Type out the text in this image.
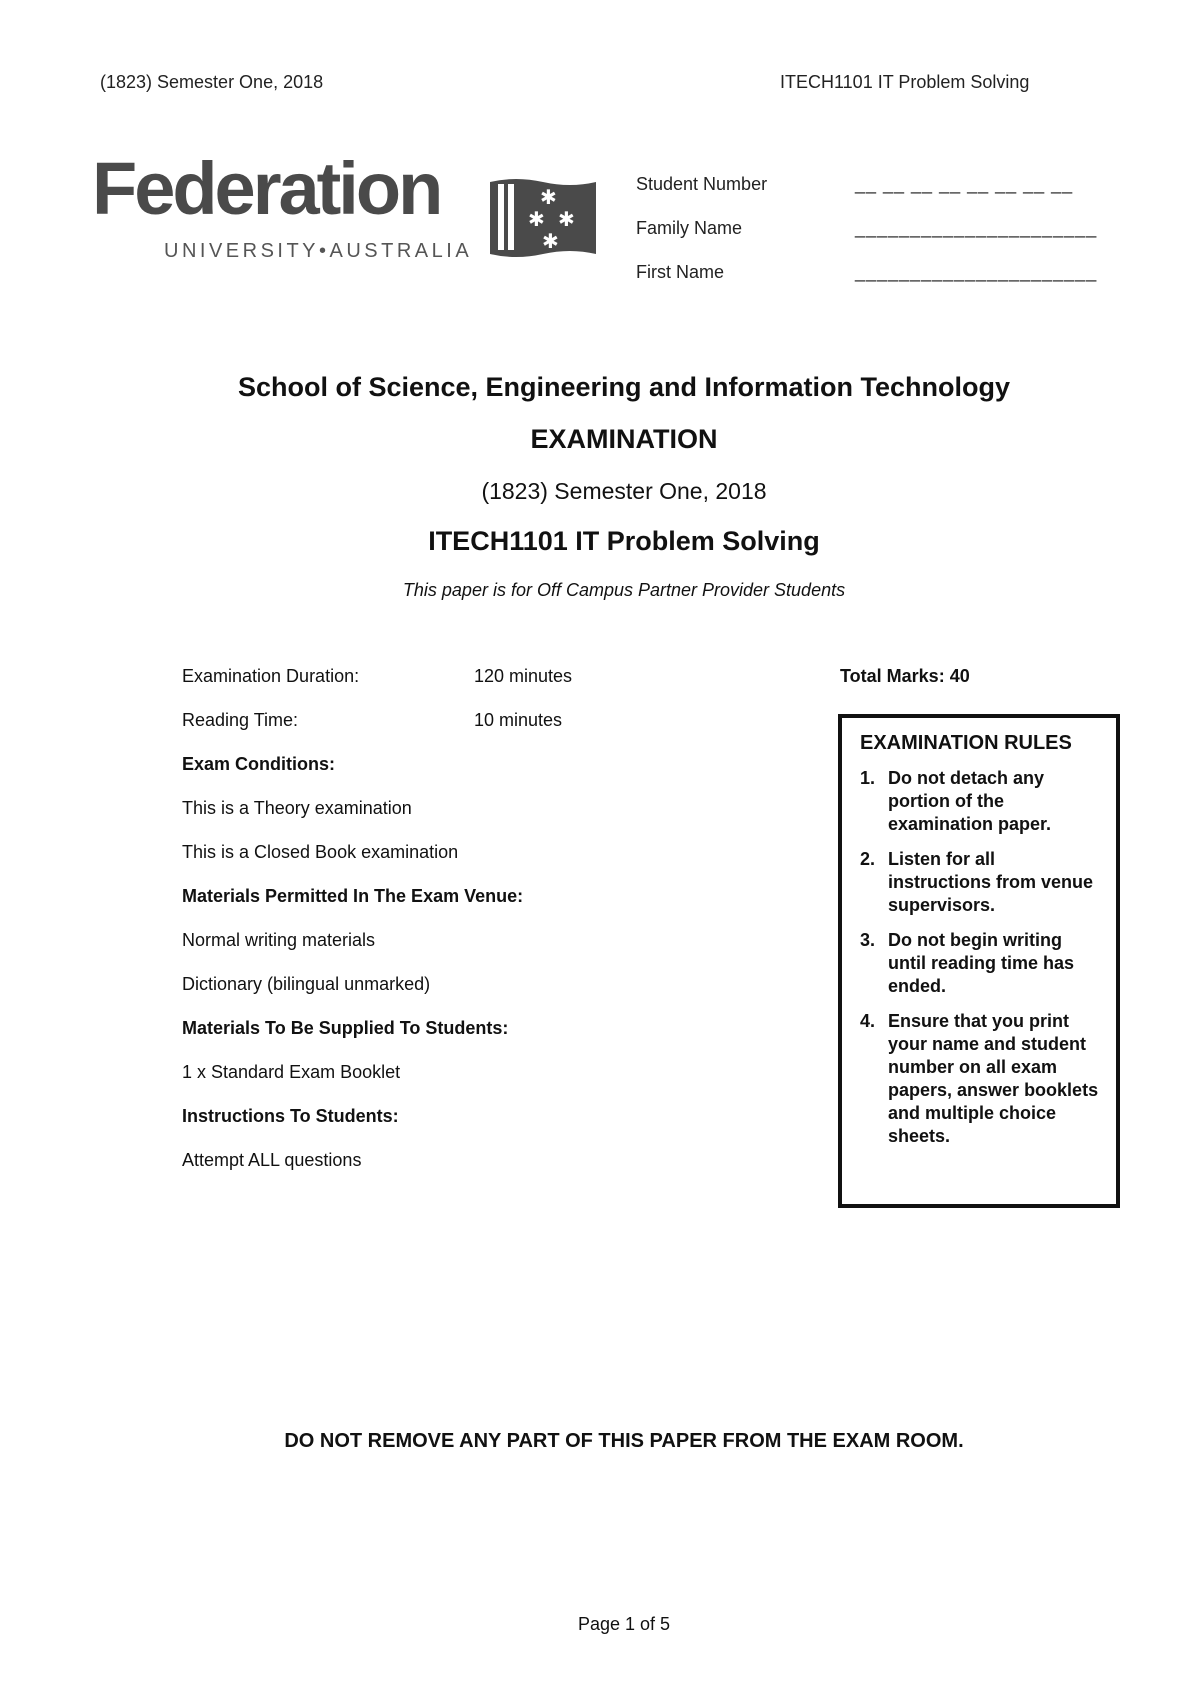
(1823) Semester One, 2018	ITECH1101 IT Problem Solving
Federation
UNIVERSITY•AUSTRALIA
✱
✱ ✱
✱
Student Number	__ __ __ __ __ __ __ __
Family Name	______________________
First Name	______________________
School of Science, Engineering and Information Technology
EXAMINATION
(1823) Semester One, 2018
ITECH1101 IT Problem Solving
This paper is for Off Campus Partner Provider Students
Examination Duration:	120 minutes
Reading Time:	10 minutes
Exam Conditions:
This is a Theory examination
This is a Closed Book examination
Materials Permitted In The Exam Venue:
Normal writing materials
Dictionary (bilingual unmarked)
Materials To Be Supplied To Students:
1 x Standard Exam Booklet
Instructions To Students:
Attempt ALL questions
Total Marks: 40
EXAMINATION RULES
1. Do not detach any portion of the examination paper.
2. Listen for all instructions from venue supervisors.
3. Do not begin writing until reading time has ended.
4. Ensure that you print your name and student number on all exam papers, answer booklets and multiple choice sheets.
DO NOT REMOVE ANY PART OF THIS PAPER FROM THE EXAM ROOM.
Page 1 of 5
